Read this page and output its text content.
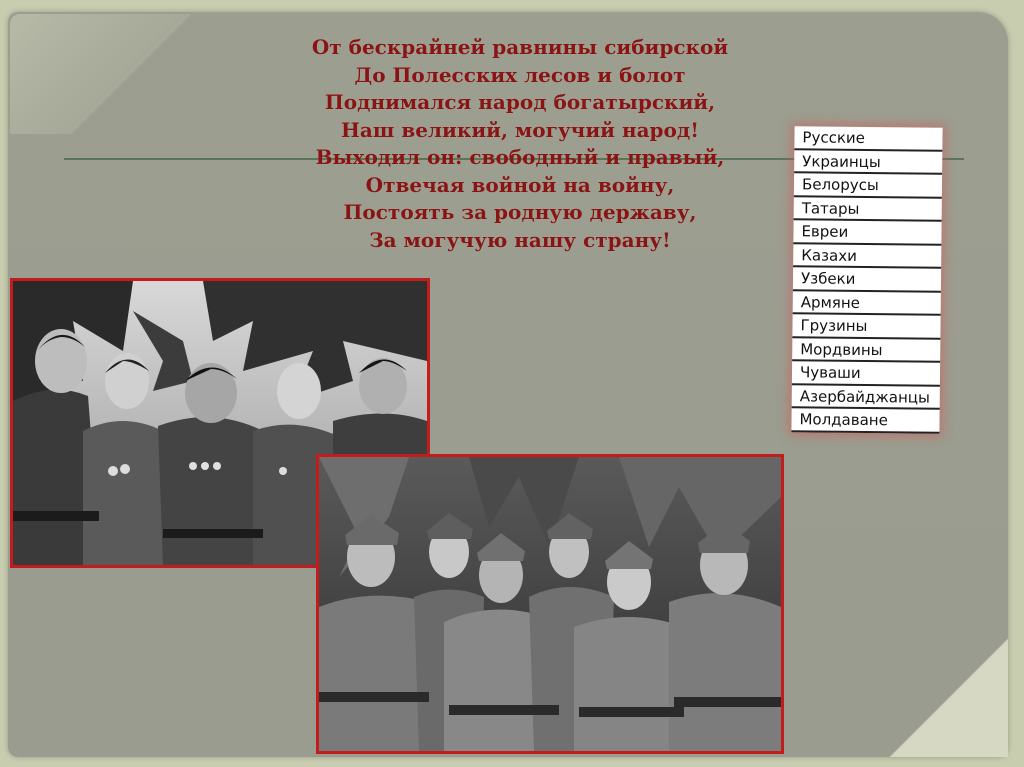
От бескрайней равнины сибирской
До Полесских лесов и болот
Поднимался народ богатырский,
Наш великий, могучий народ!
Выходил он: свободный и правый,
Отвечая войной на войну,
Постоять за родную державу,
За могучую нашу страну!
Русские
Украинцы
Белорусы
Татары
Евреи
Казахи
Узбеки
Армяне
Грузины
Мордвины
Чуваши
Азербайджанцы
Молдаване
